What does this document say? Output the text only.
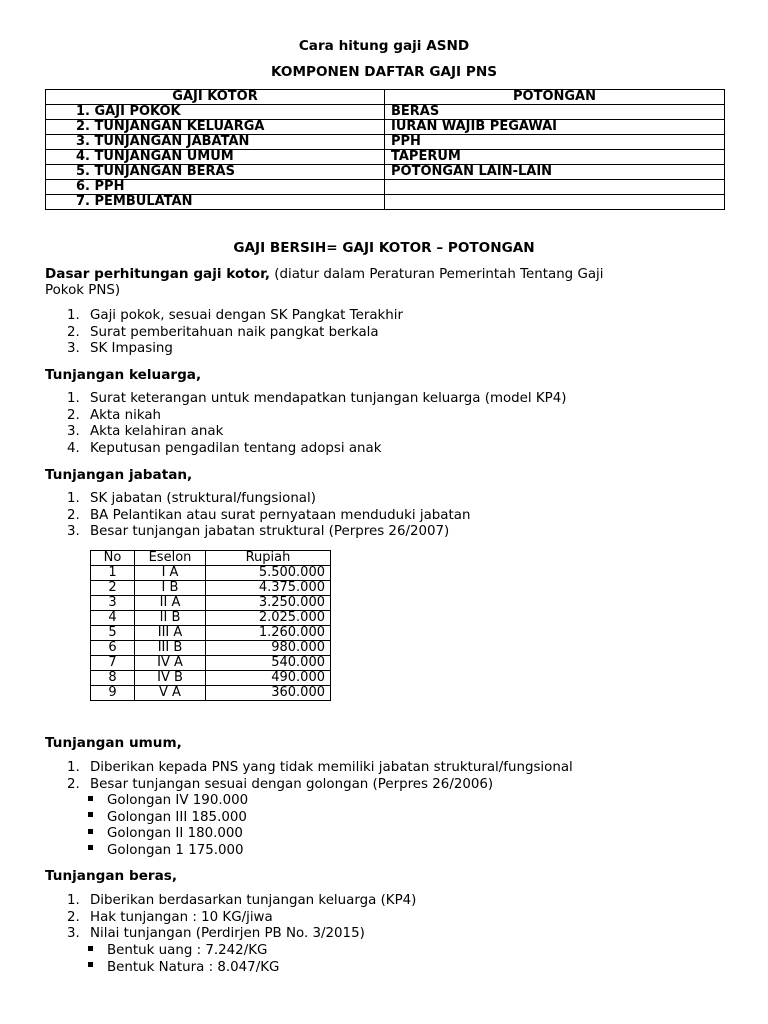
Cara hitung gaji ASND
KOMPONEN DAFTAR GAJI PNS
GAJI KOTOR	POTONGAN
1. GAJI POKOK	BERAS
2. TUNJANGAN KELUARGA	IURAN WAJIB PEGAWAI
3. TUNJANGAN JABATAN	PPH
4. TUNJANGAN UMUM	TAPERUM
5. TUNJANGAN BERAS	POTONGAN LAIN-LAIN
6. PPH	
7. PEMBULATAN	
GAJI BERSIH= GAJI KOTOR – POTONGAN
Dasar perhitungan gaji kotor, (diatur dalam Peraturan Pemerintah Tentang Gaji
Pokok PNS)
1. Gaji pokok, sesuai dengan SK Pangkat Terakhir
2. Surat pemberitahuan naik pangkat berkala
3. SK Impasing
Tunjangan keluarga,
1. Surat keterangan untuk mendapatkan tunjangan keluarga (model KP4)
2. Akta nikah
3. Akta kelahiran anak
4. Keputusan pengadilan tentang adopsi anak
Tunjangan jabatan,
1. SK jabatan (struktural/fungsional)
2. BA Pelantikan atau surat pernyataan menduduki jabatan
3. Besar tunjangan jabatan struktural (Perpres 26/2007)
No	Eselon	Rupiah
1	I A	5.500.000
2	I B	4.375.000
3	II A	3.250.000
4	II B	2.025.000
5	III A	1.260.000
6	III B	980.000
7	IV A	540.000
8	IV B	490.000
9	V A	360.000
Tunjangan umum,
1. Diberikan kepada PNS yang tidak memiliki jabatan struktural/fungsional
2. Besar tunjangan sesuai dengan golongan (Perpres 26/2006)
Golongan IV 190.000
Golongan III 185.000
Golongan II 180.000
Golongan 1 175.000
Tunjangan beras,
1. Diberikan berdasarkan tunjangan keluarga (KP4)
2. Hak tunjangan : 10 KG/jiwa
3. Nilai tunjangan (Perdirjen PB No. 3/2015)
Bentuk uang : 7.242/KG
Bentuk Natura : 8.047/KG
